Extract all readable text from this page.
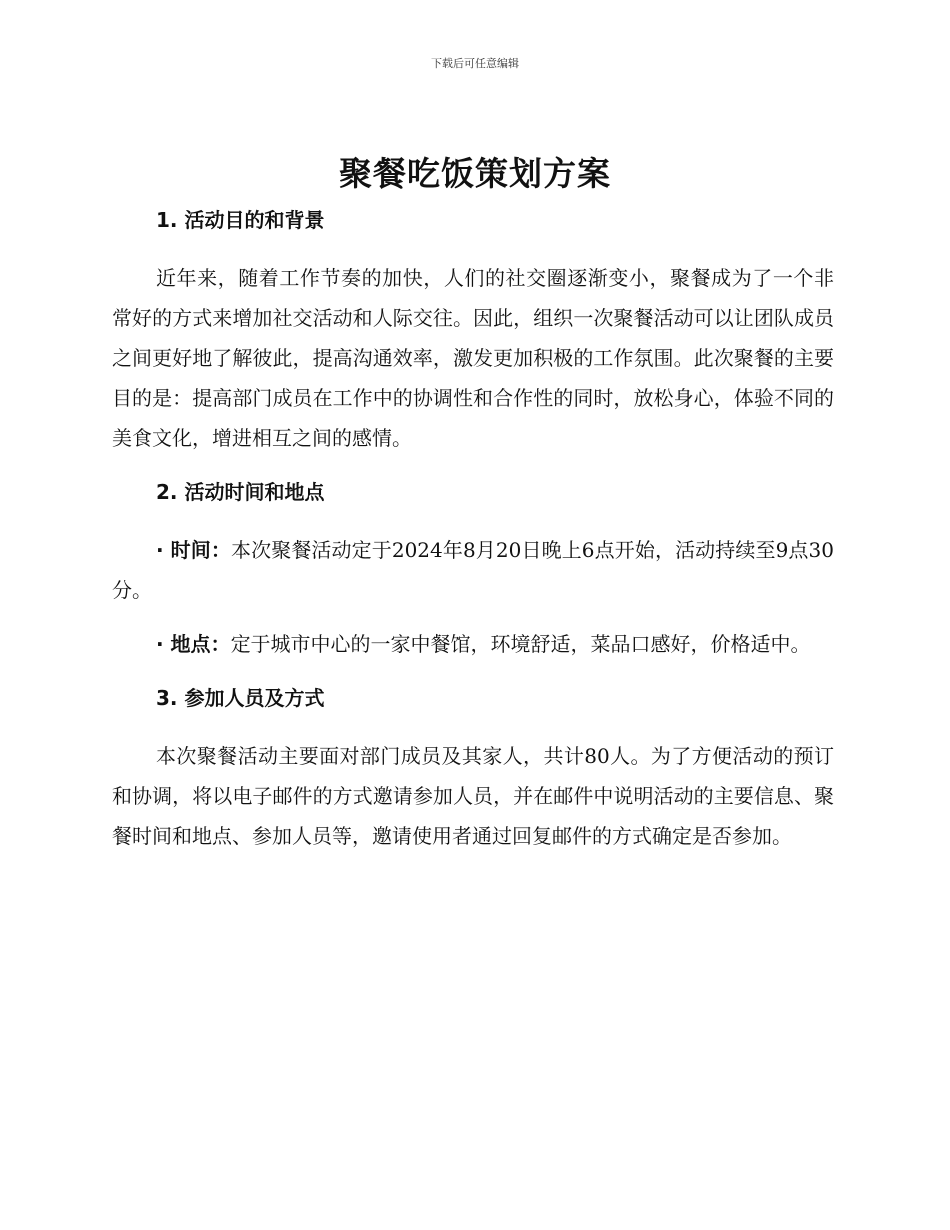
下载后可任意编辑
聚餐吃饭策划方案
1. 活动目的和背景

近年来，随着工作节奏的加快，人们的社交圈逐渐变小，聚餐成为了一个非常好的方式来增加社交活动和人际交往。因此，组织一次聚餐活动可以让团队成员之间更好地了解彼此，提高沟通效率，激发更加积极的工作氛围。此次聚餐的主要目的是：提高部门成员在工作中的协调性和合作性的同时，放松身心，体验不同的美食文化，增进相互之间的感情。

2. 活动时间和地点

· 时间：本次聚餐活动定于2024年8月20日晚上6点开始，活动持续至9点30分。

· 地点：定于城市中心的一家中餐馆，环境舒适，菜品口感好，价格适中。

3. 参加人员及方式

本次聚餐活动主要面对部门成员及其家人，共计80人。为了方便活动的预订和协调，将以电子邮件的方式邀请参加人员，并在邮件中说明活动的主要信息、聚餐时间和地点、参加人员等，邀请使用者通过回复邮件的方式确定是否参加。
